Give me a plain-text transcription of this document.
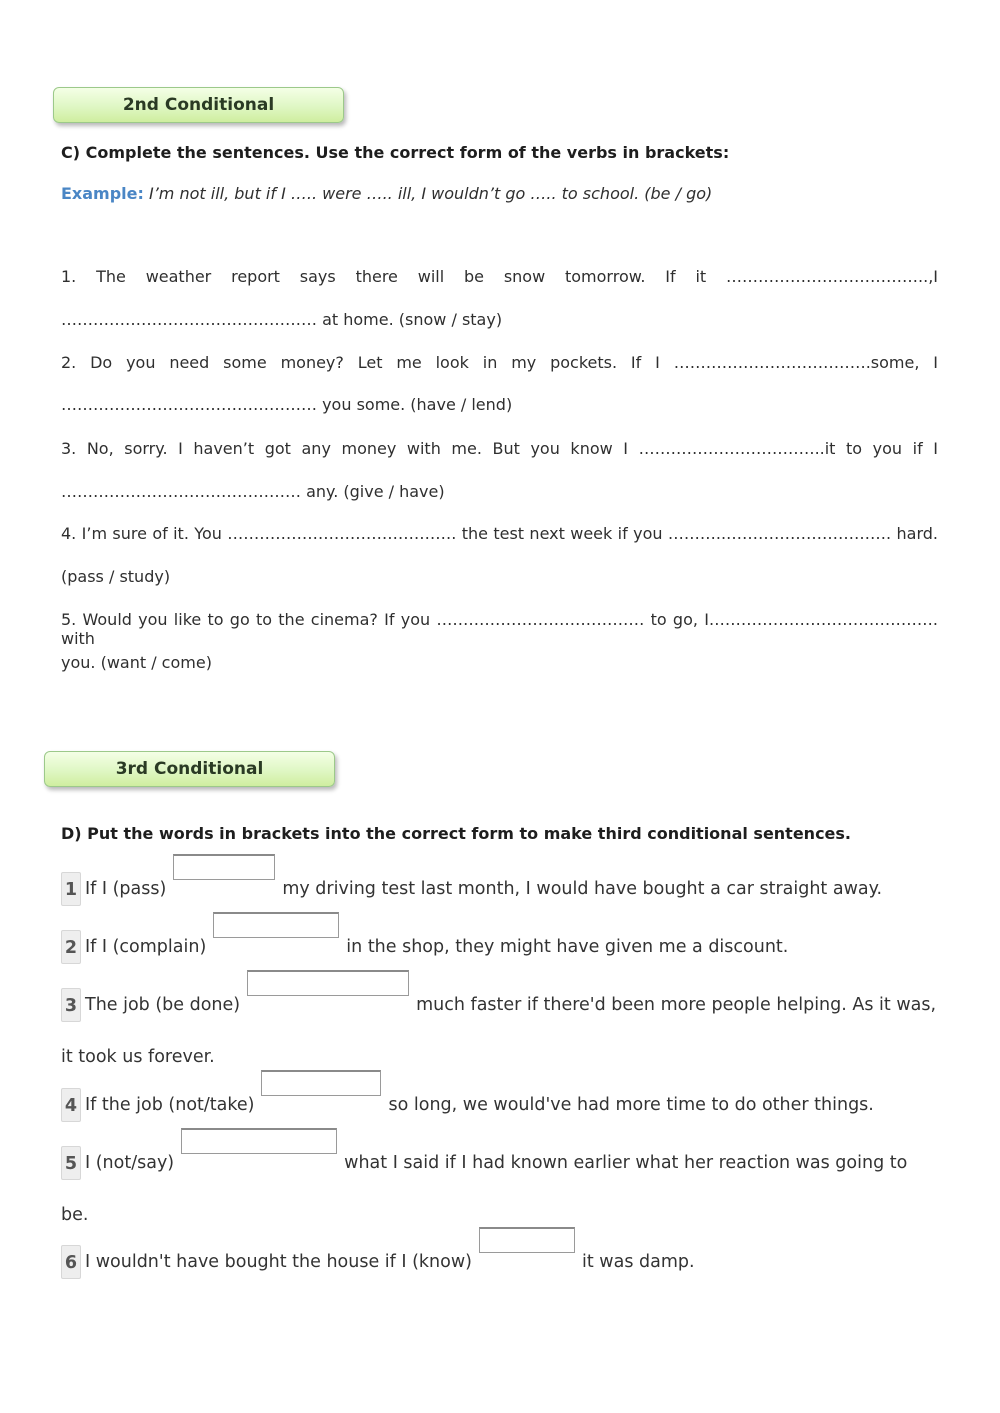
2nd Conditional
C) Complete the sentences. Use the correct form of the verbs in brackets:
Example: I’m not ill, but if I ….. were ….. ill, I wouldn’t go ….. to school. (be / go)
1. The weather report says there will be snow tomorrow. If it ………………………………..,I
………………………………………… at home. (snow / stay)
2. Do you need some money? Let me look in my pockets. If I ……………………………….some, I
………………………………………… you some. (have / lend)
3. No, sorry. I haven’t got any money with me. But you know I ……………………………..it to you if I
……………………………………… any. (give / have)
4. I’m sure of it. You ……………………………………. the test next week if you ………..…………………………. hard.
(pass / study)
5. Would you like to go to the cinema? If you ………………………………… to go, I……………………………………. with
you. (want / come)
3rd Conditional
D) Put the words in brackets into the correct form to make third conditional sentences.
1 If I (pass)	my driving test last month, I would have bought a car straight away.
2 If I (complain)	in the shop, they might have given me a discount.
3 The job (be done)	much faster if there'd been more people helping. As it was,
it took us forever.
4 If the job (not/take)	so long, we would've had more time to do other things.
5 I (not/say)	what I said if I had known earlier what her reaction was going to
be.
6 I wouldn't have bought the house if I (know)	it was damp.
